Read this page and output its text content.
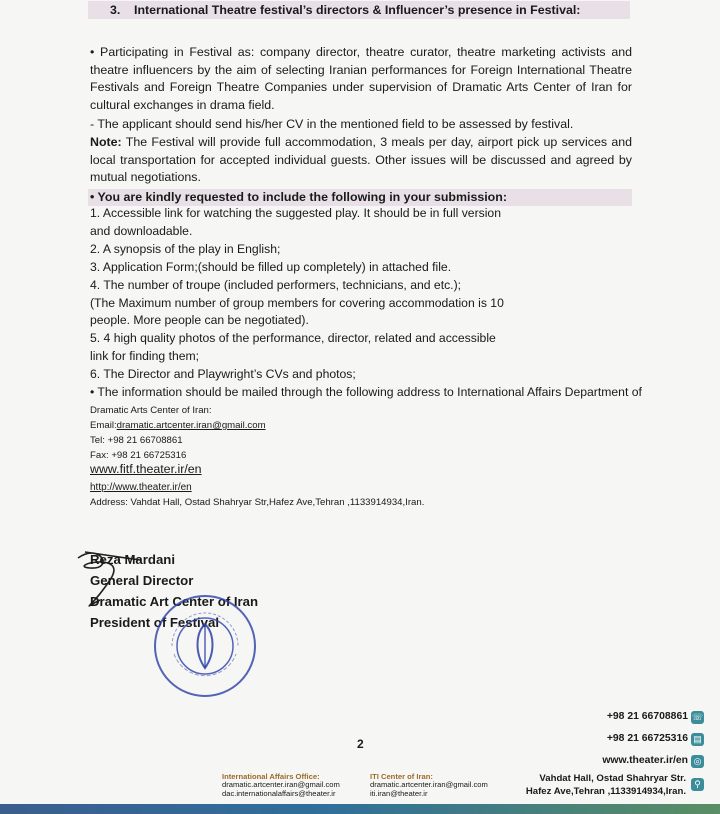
3. International Theatre festival’s directors & Influencer’s presence in Festival:
• Participating in Festival as: company director, theatre curator, theatre marketing activists and theatre influencers by the aim of selecting Iranian performances for Foreign International Theatre Festivals and Foreign Theatre Companies under supervision of Dramatic Arts Center of Iran for cultural exchanges in drama field.
- The applicant should send his/her CV in the mentioned field to be assessed by festival.
Note: The Festival will provide full accommodation, 3 meals per day, airport pick up services and local transportation for accepted individual guests. Other issues will be discussed and agreed by mutual negotiations.
• You are kindly requested to include the following in your submission:
1. Accessible link for watching the suggested play. It should be in full version
and downloadable.
2. A synopsis of the play in English;
3. Application Form;(should be filled up completely) in attached file.
4. The number of troupe (included performers, technicians, and etc.);
(The Maximum number of group members for covering accommodation is 10
people. More people can be negotiated).
5. 4 high quality photos of the performance, director, related and accessible
link for finding them;
6. The Director and Playwright’s CVs and photos;
• The information should be mailed through the following address to International Affairs Department of
Dramatic Arts Center of Iran:
Email:dramatic.artcenter.iran@gmail.com
Tel: +98 21 66708861
Fax: +98 21 66725316
www.fitf.theater.ir/en
http://www.theater.ir/en
Address: Vahdat Hall, Ostad Shahryar Str,Hafez Ave,Tehran ,1133914934,Iran.
Reza Mardani
General Director
Dramatic Art Center of Iran
President of Festival
2
+98 21 66708861 ☏
+98 21 66725316 ▤
www.theater.ir/en ◎
⚲
International Affairs Office:
dramatic.artcenter.iran@gmail.com
dac.internationalaffairs@theater.ir
ITI Center of Iran:
dramatic.artcenter.iran@gmail.com
iti.iran@theater.ir
Vahdat Hall, Ostad Shahryar Str.
Hafez Ave,Tehran ,1133914934,Iran.
